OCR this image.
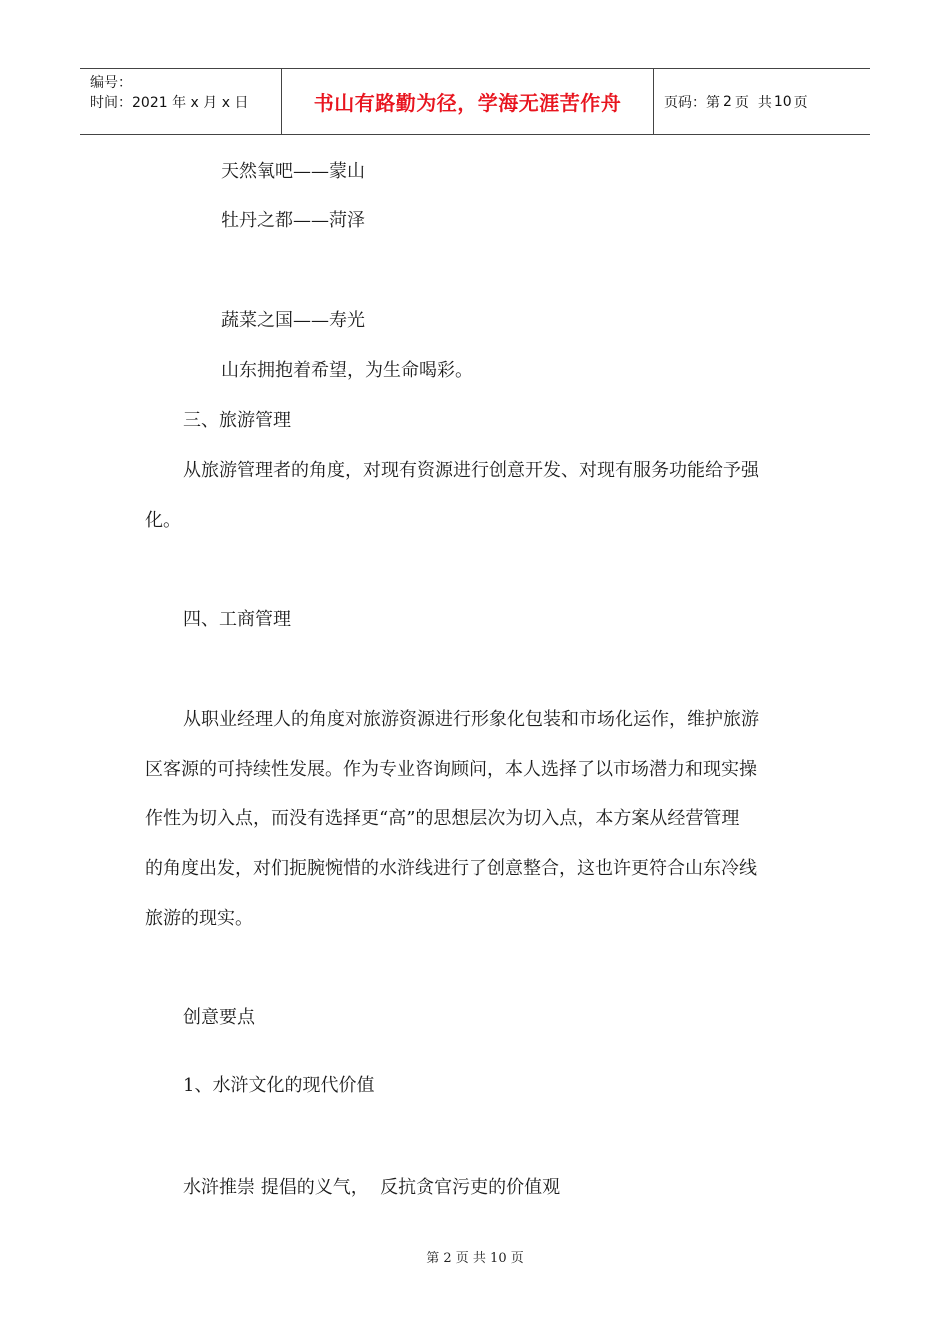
编号：
时间：2021 年 x 月 x 日	书山有路勤为径，学海无涯苦作舟	页码：第 2 页  共 10 页
天然氧吧——蒙山
牡丹之都——菏泽
蔬菜之国——寿光
山东拥抱着希望，为生命喝彩。
三、旅游管理
从旅游管理者的角度，对现有资源进行创意开发、对现有服务功能给予强
化。
四、工商管理
从职业经理人的角度对旅游资源进行形象化包装和市场化运作，维护旅游
区客源的可持续性发展。作为专业咨询顾问，本人选择了以市场潜力和现实操
作性为切入点，而没有选择更“高”的思想层次为切入点，本方案从经营管理
的角度出发，对们扼腕惋惜的水浒线进行了创意整合，这也许更符合山东冷线
旅游的现实。
创意要点
1、水浒文化的现代价值
水浒推崇 提倡的义气，  反抗贪官污吏的价值观
第 2 页 共 10 页
